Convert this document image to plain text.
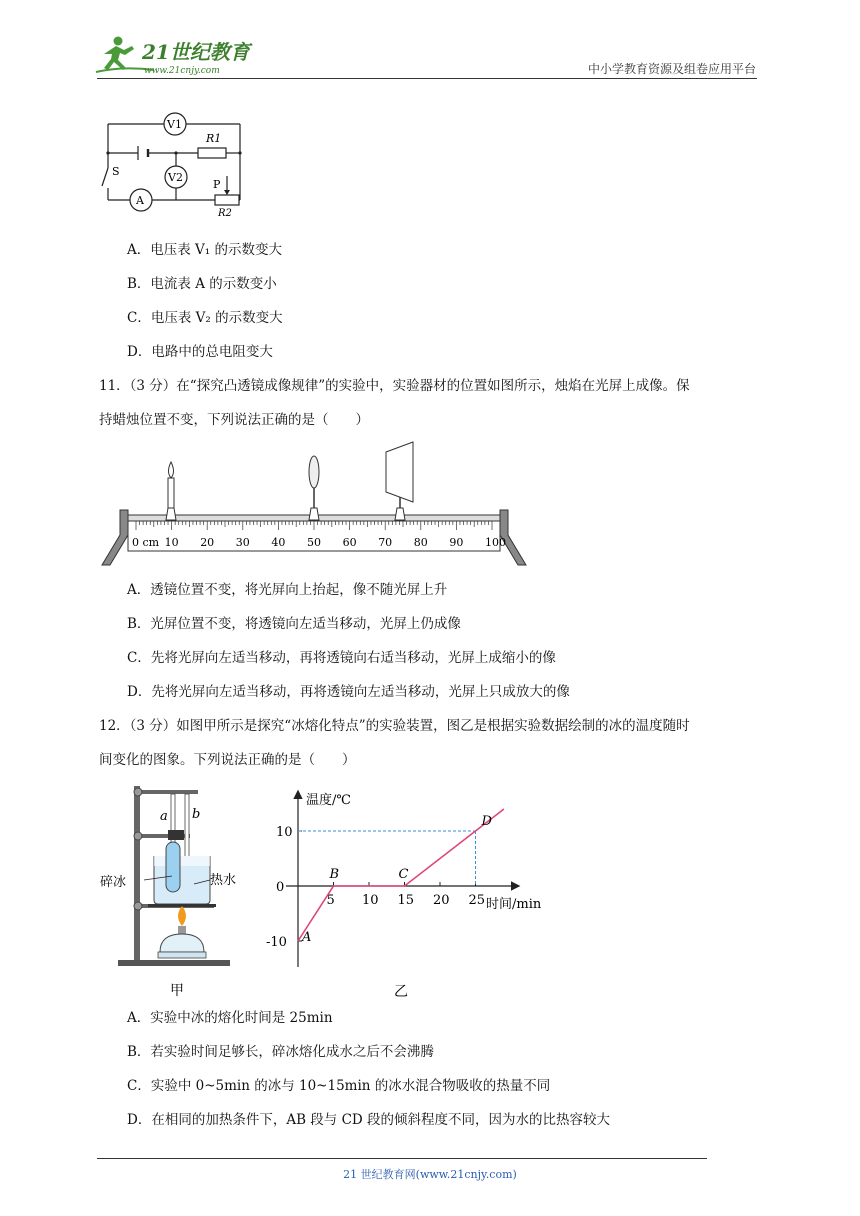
21世纪教育
www.21cnjy.com	中小学教育资源及组卷应用平台
V1
V2
A
R1
P
R2
S
A．电压表 V₁ 的示数变大
B．电流表 A 的示数变小
C．电压表 V₂ 的示数变大
D．电路中的总电阻变大
11．（3 分）在“探究凸透镜成像规律”的实验中，实验器材的位置如图所示，烛焰在光屏上成像。保
持蜡烛位置不变，下列说法正确的是（　　）
0 cm 10 20 30 40 50 60 70 80 90 100
A．透镜位置不变，将光屏向上抬起，像不随光屏上升
B．光屏位置不变，将透镜向左适当移动，光屏上仍成像
C．先将光屏向左适当移动，再将透镜向右适当移动，光屏上成缩小的像
D．先将光屏向左适当移动，再将透镜向左适当移动，光屏上只成放大的像
12．（3 分）如图甲所示是探究“冰熔化特点”的实验装置，图乙是根据实验数据绘制的冰的温度随时
间变化的图象。下列说法正确的是（　　）
a b
碎冰	热水
甲
5 10 15 20 25
10
0
-10 A
B	C
D
温度/℃
时间/min
乙
A．实验中冰的熔化时间是 25min
B．若实验时间足够长，碎冰熔化成水之后不会沸腾
C．实验中 0~5min 的冰与 10~15min 的冰水混合物吸收的热量不同
D．在相同的加热条件下，AB 段与 CD 段的倾斜程度不同，因为水的比热容较大
21 世纪教育网(www.21cnjy.com)
